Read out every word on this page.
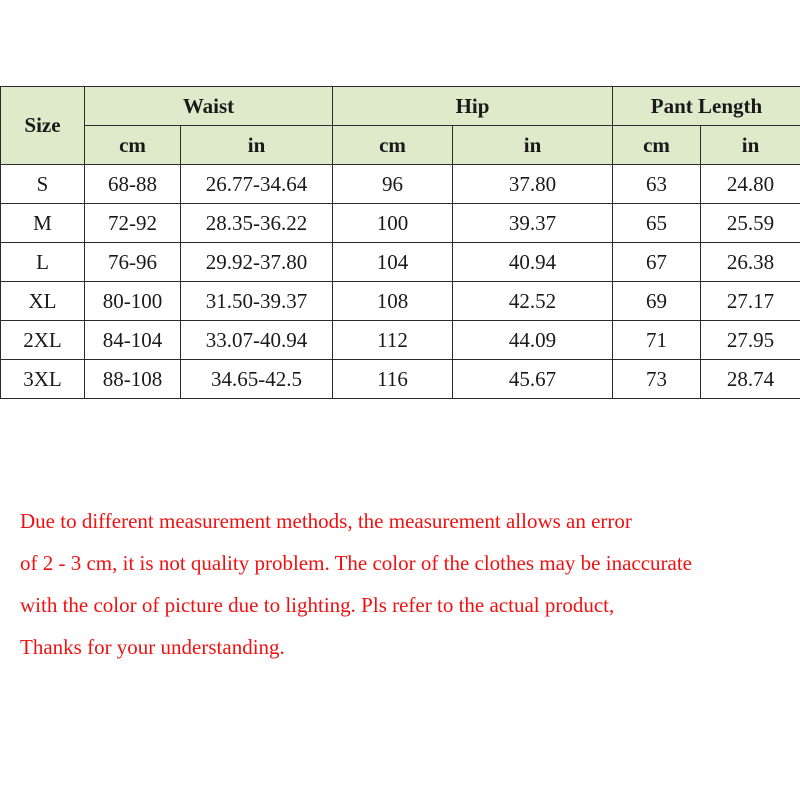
Size	Waist		Hip		Pant Length	
	cm	in	cm	in	cm	in
S	68-88	26.77-34.64	96	37.80	63	24.80
M	72-92	28.35-36.22	100	39.37	65	25.59
L	76-96	29.92-37.80	104	40.94	67	26.38
XL	80-100	31.50-39.37	108	42.52	69	27.17
2XL	84-104	33.07-40.94	112	44.09	71	27.95
3XL	88-108	34.65-42.5	116	45.67	73	28.74
Due to different measurement methods, the measurement allows an error
of 2 - 3 cm, it is not quality problem. The color of the clothes may be inaccurate
with the color of picture due to lighting. Pls refer to the actual product,
Thanks for your understanding.
